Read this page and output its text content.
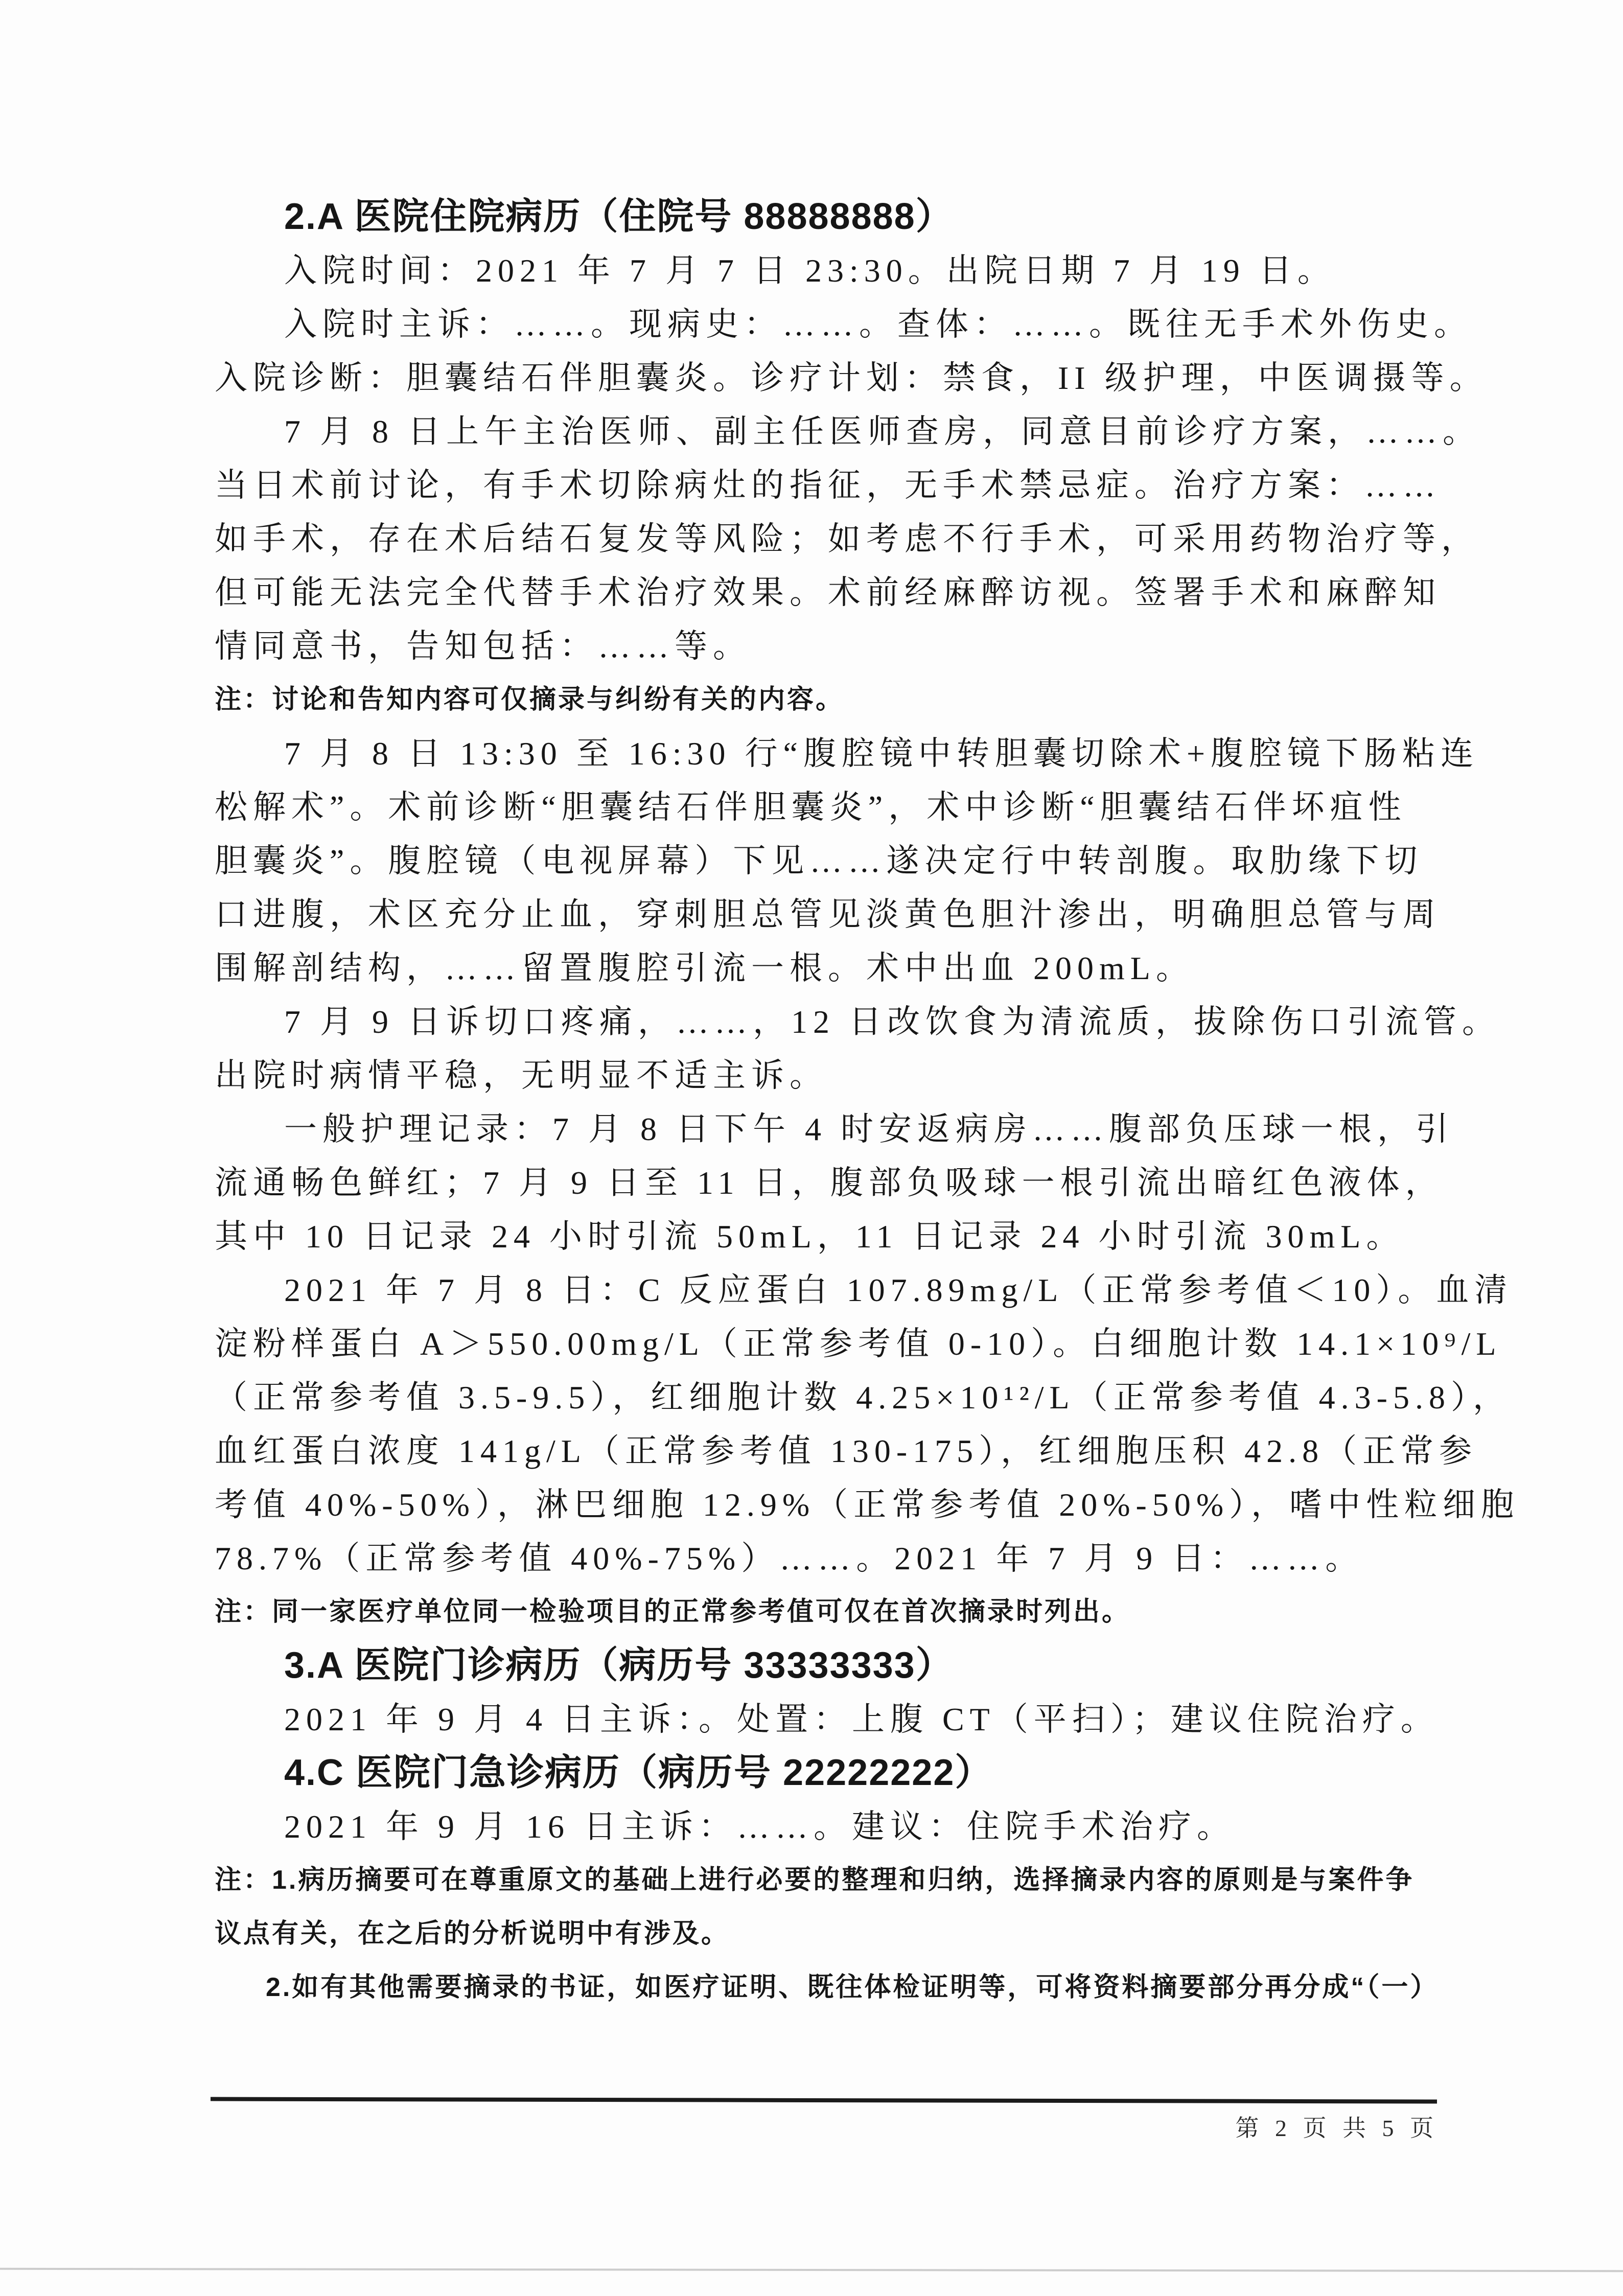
2.A 医院住院病历（住院号 88888888）
入院时间：2021 年 7 月 7 日 23:30。出院日期 7 月 19 日。
入院时主诉：……。现病史：……。查体：……。既往无手术外伤史。
入院诊断：胆囊结石伴胆囊炎。诊疗计划：禁食，II 级护理，中医调摄等。
7 月 8 日上午主治医师、副主任医师查房，同意目前诊疗方案，……。
当日术前讨论，有手术切除病灶的指征，无手术禁忌症。治疗方案：……
如手术，存在术后结石复发等风险；如考虑不行手术，可采用药物治疗等，
但可能无法完全代替手术治疗效果。术前经麻醉访视。签署手术和麻醉知
情同意书，告知包括：……等。
注：讨论和告知内容可仅摘录与纠纷有关的内容。
7 月 8 日 13:30 至 16:30 行“腹腔镜中转胆囊切除术+腹腔镜下肠粘连
松解术”。术前诊断“胆囊结石伴胆囊炎”，术中诊断“胆囊结石伴坏疽性
胆囊炎”。腹腔镜（电视屏幕）下见……遂决定行中转剖腹。取肋缘下切
口进腹，术区充分止血，穿刺胆总管见淡黄色胆汁渗出，明确胆总管与周
围解剖结构，……留置腹腔引流一根。术中出血 200mL。
7 月 9 日诉切口疼痛，……，12 日改饮食为清流质，拔除伤口引流管。
出院时病情平稳，无明显不适主诉。
一般护理记录：7 月 8 日下午 4 时安返病房……腹部负压球一根，引
流通畅色鲜红；7 月 9 日至 11 日，腹部负吸球一根引流出暗红色液体，
其中 10 日记录 24 小时引流 50mL，11 日记录 24 小时引流 30mL。
2021 年 7 月 8 日：C 反应蛋白 107.89mg/L（正常参考值＜10）。血清
淀粉样蛋白 A＞550.00mg/L（正常参考值 0-10）。白细胞计数 14.1×10⁹/L
（正常参考值 3.5-9.5），红细胞计数 4.25×10¹²/L（正常参考值 4.3-5.8），
血红蛋白浓度 141g/L（正常参考值 130-175），红细胞压积 42.8（正常参
考值 40%-50%），淋巴细胞 12.9%（正常参考值 20%-50%），嗜中性粒细胞
78.7%（正常参考值 40%-75%）……。2021 年 7 月 9 日：……。
注：同一家医疗单位同一检验项目的正常参考值可仅在首次摘录时列出。
3.A 医院门诊病历（病历号 33333333）
2021 年 9 月 4 日主诉：。处置：上腹 CT（平扫）；建议住院治疗。
4.C 医院门急诊病历（病历号 22222222）
2021 年 9 月 16 日主诉：……。建议：住院手术治疗。
注：1.病历摘要可在尊重原文的基础上进行必要的整理和归纳，选择摘录内容的原则是与案件争
议点有关，在之后的分析说明中有涉及。
2.如有其他需要摘录的书证，如医疗证明、既往体检证明等，可将资料摘要部分再分成“（一）
第 2 页 共 5 页
